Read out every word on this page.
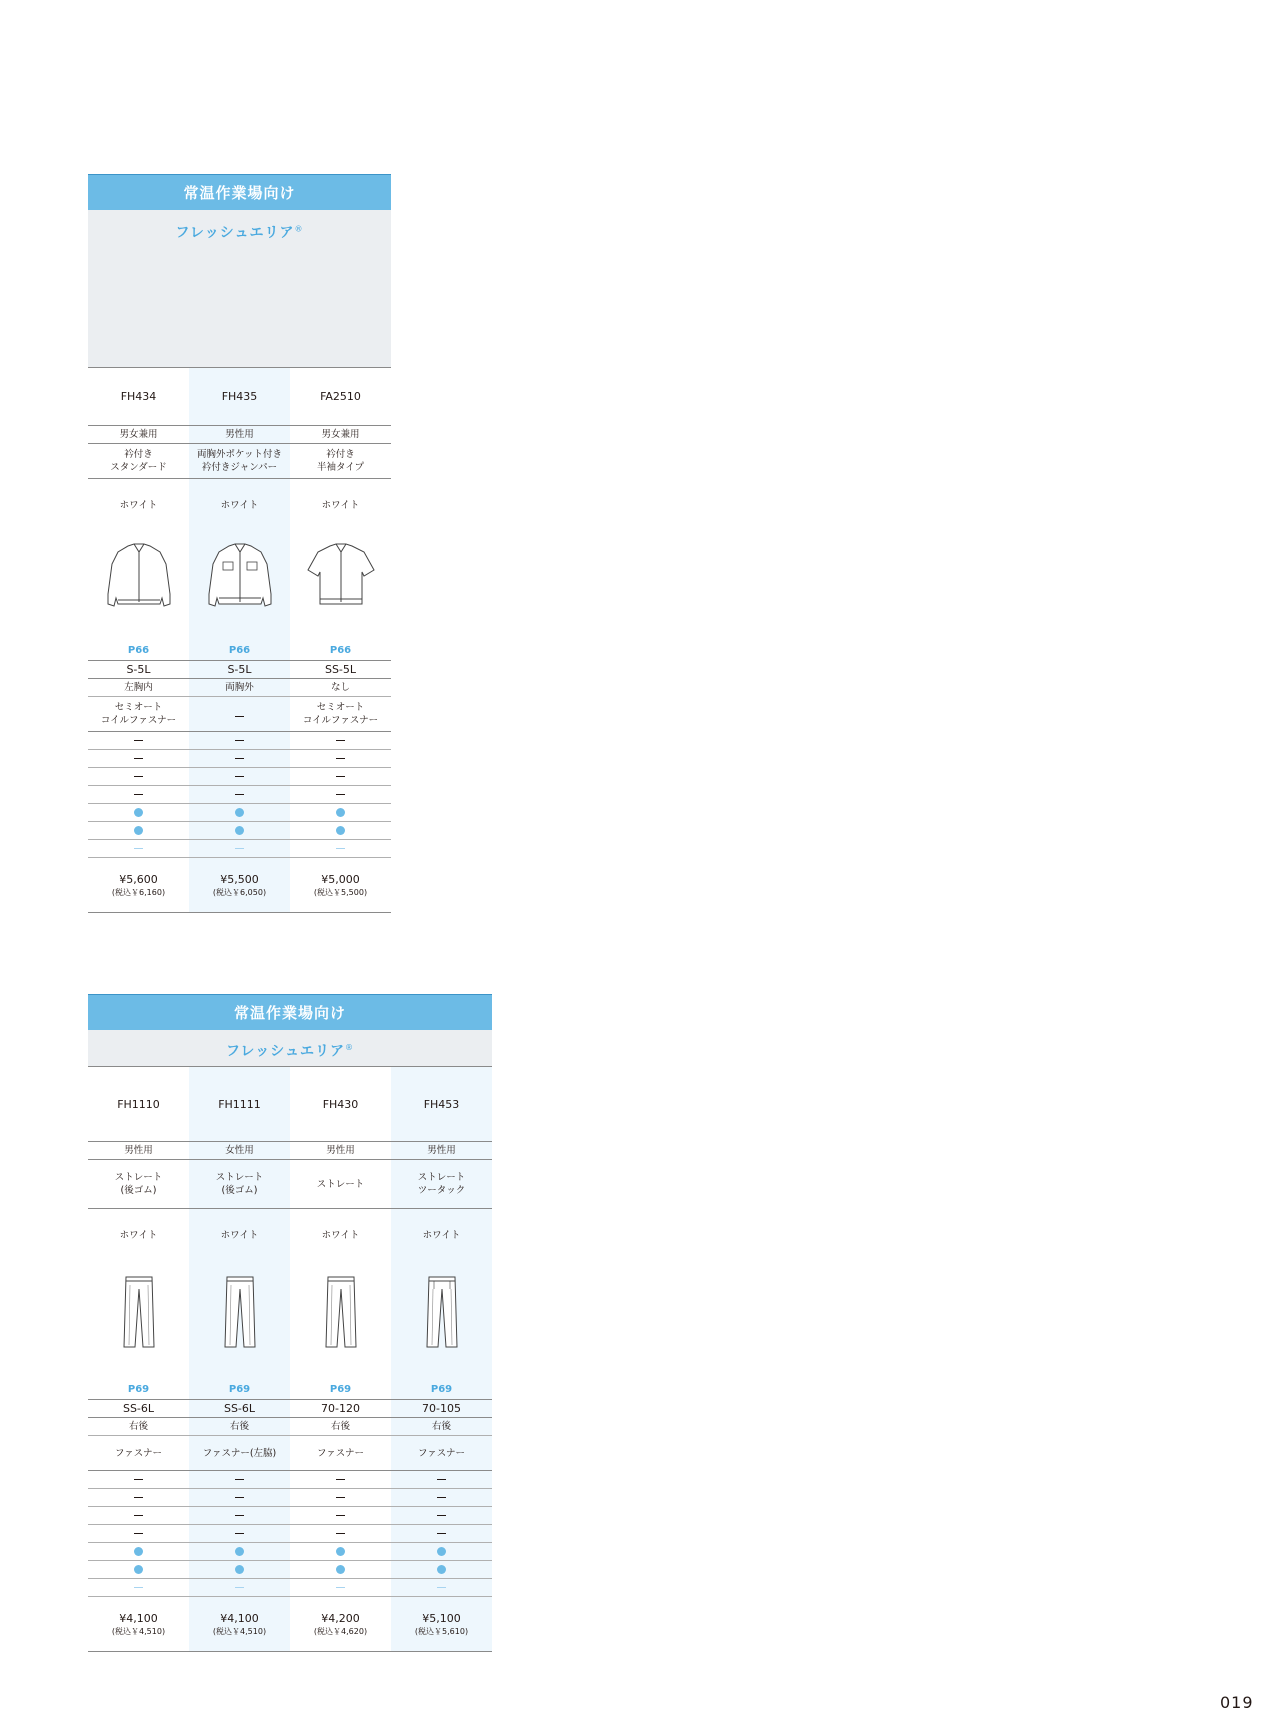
常温作業場向け
フレッシュエリア®
FH434
男女兼用
衿付き
スタンダード
ホワイト
P66
S-5L
左胸内
セミオート
コイルファスナー
¥5,600
(税込￥6,160)
FH435
男性用
両胸外ポケット付き
衿付きジャンパー
ホワイト
P66
S-5L
両胸外
¥5,500
(税込￥6,050)
FA2510
男女兼用
衿付き
半袖タイプ
ホワイト
P66
SS-5L
なし
セミオート
コイルファスナー
¥5,000
(税込￥5,500)
常温作業場向け
フレッシュエリア®
FH1110
男性用
ストレート
(後ゴム)
ホワイト
P69
SS-6L
右後
ファスナー
¥4,100
(税込￥4,510)
FH1111
女性用
ストレート
(後ゴム)
ホワイト
P69
SS-6L
右後
ファスナー(左脇)
¥4,100
(税込￥4,510)
FH430
男性用
ストレート
ホワイト
P69
70-120
右後
ファスナー
¥4,200
(税込￥4,620)
FH453
男性用
ストレート
ツータック
ホワイト
P69
70-105
右後
ファスナー
¥5,100
(税込￥5,610)
019
